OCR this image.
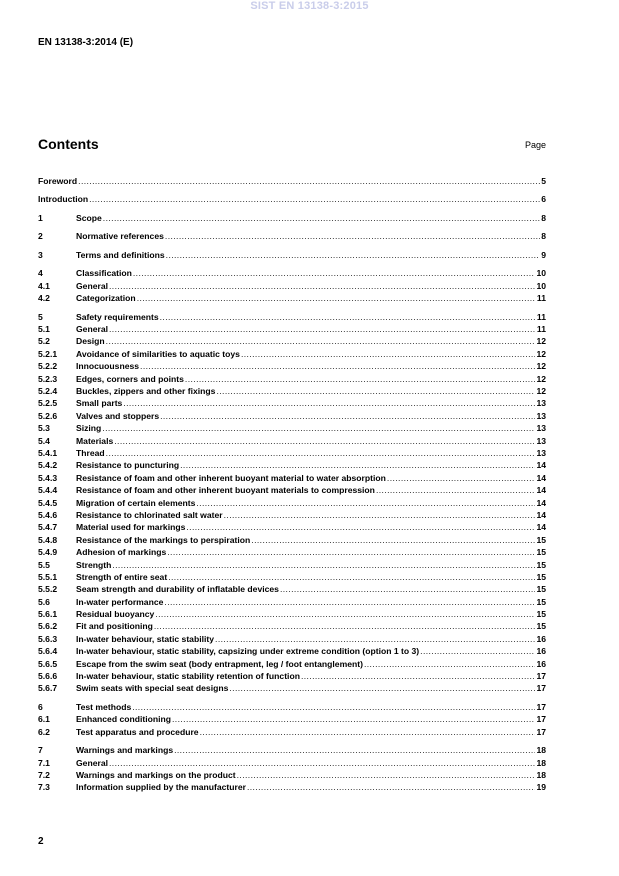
SIST EN 13138-3:2015
EN 13138-3:2014 (E)
Contents	Page
Foreword .....	5
Introduction .....	6
1	Scope .....	8
2	Normative references .....	8
3	Terms and definitions .....	9
4	Classification .....	10
4.1	General .....	10
4.2	Categorization .....	11
5	Safety requirements .....	11
5.1	General .....	11
5.2	Design .....	12
5.2.1 Avoidance of similarities to aquatic toys .....	12
5.2.2 Innocuousness .....	12
5.2.3 Edges, corners and points .....	12
5.2.4 Buckles, zippers and other fixings .....	12
5.2.5 Small parts .....	13
5.2.6 Valves and stoppers .....	13
5.3	Sizing .....	13
5.4	Materials .....	13
5.4.1 Thread .....	13
5.4.2 Resistance to puncturing .....	14
5.4.3 Resistance of foam and other inherent buoyant material to water absorption .....	14
5.4.4 Resistance of foam and other inherent buoyant materials to compression .....	14
5.4.5 Migration of certain elements .....	14
5.4.6 Resistance to chlorinated salt water .....	14
5.4.7 Material used for markings .....	14
5.4.8 Resistance of the markings to perspiration .....	15
5.4.9 Adhesion of markings .....	15
5.5	Strength .....	15
5.5.1 Strength of entire seat .....	15
5.5.2 Seam strength and durability of inflatable devices .....	15
5.6	In-water performance .....	15
5.6.1 Residual buoyancy .....	15
5.6.2 Fit and positioning .....	15
5.6.3 In-water behaviour, static stability .....	16
5.6.4 In-water behaviour, static stability, capsizing under extreme condition (option 1 to 3) .....	16
5.6.5 Escape from the swim seat (body entrapment, leg / foot entanglement) .....	16
5.6.6 In-water behaviour, static stability retention of function .....	17
5.6.7 Swim seats with special seat designs .....	17
6	Test methods .....	17
6.1	Enhanced conditioning .....	17
6.2	Test apparatus and procedure .....	17
7	Warnings and markings .....	18
7.1	General .....	18
7.2	Warnings and markings on the product .....	18
7.3	Information supplied by the manufacturer .....	19
2
